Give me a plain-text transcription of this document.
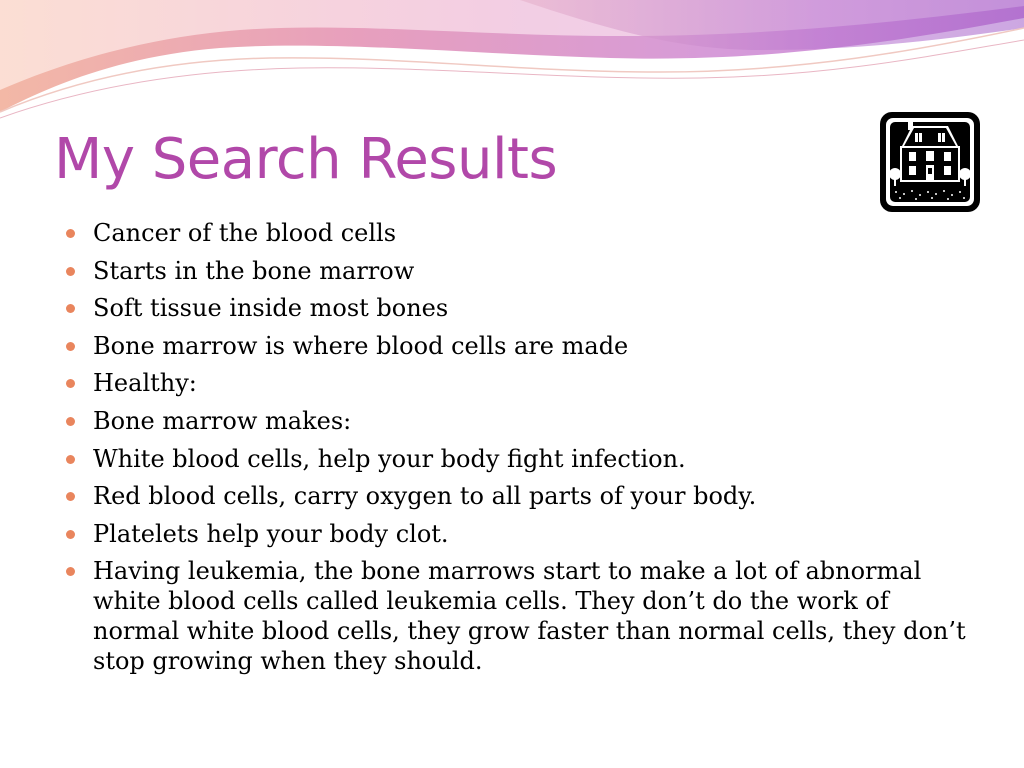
My Search Results
Cancer of the blood cells
Starts in the bone marrow
Soft tissue inside most bones
Bone marrow is where blood cells are made
Healthy:
Bone marrow makes:
White blood cells, help your body fight infection.
Red blood cells, carry oxygen to all parts of your body.
Platelets help your body clot.
Having leukemia, the bone marrows start to make a lot of abnormal white blood cells called leukemia cells. They don’t do the work of normal white blood cells, they grow faster than normal cells, they don’t stop growing when they should.
